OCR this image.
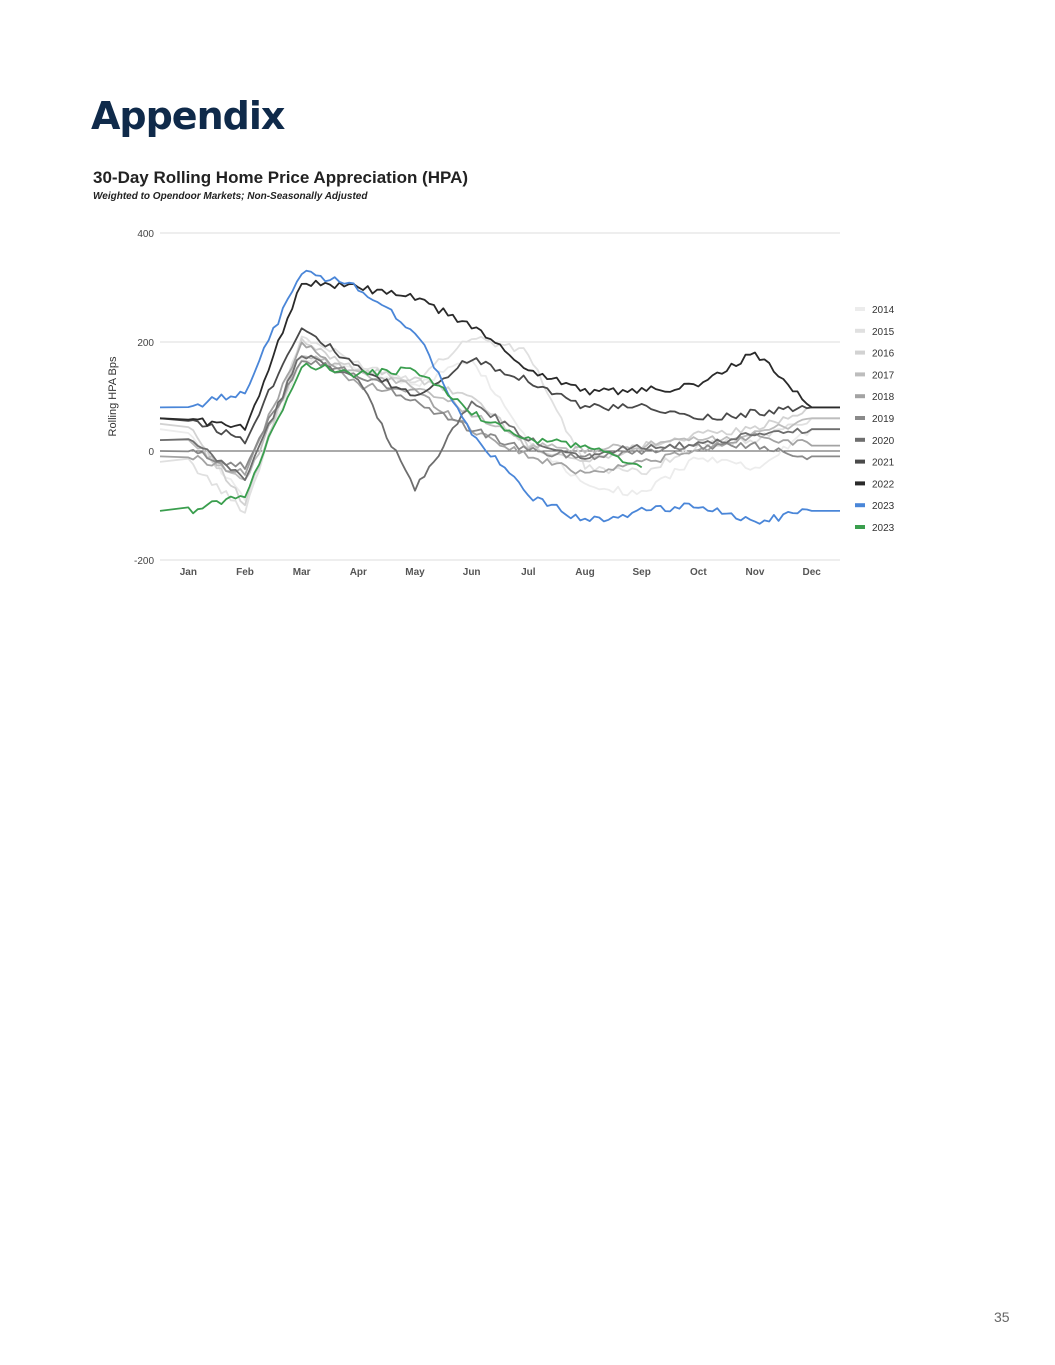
Appendix
30-Day Rolling Home Price Appreciation (HPA)

Weighted to Opendoor Markets; Non-Seasonally Adjusted

400
200
0
-200
Jan	Feb	Mar	Apr	May	Jun	Jul	Aug	Sep	Oct	Nov	Dec
Rolling HPA Bps
2014
2015
2016
2017
2018
2019
2020
2021
2022
2023
2023
35
